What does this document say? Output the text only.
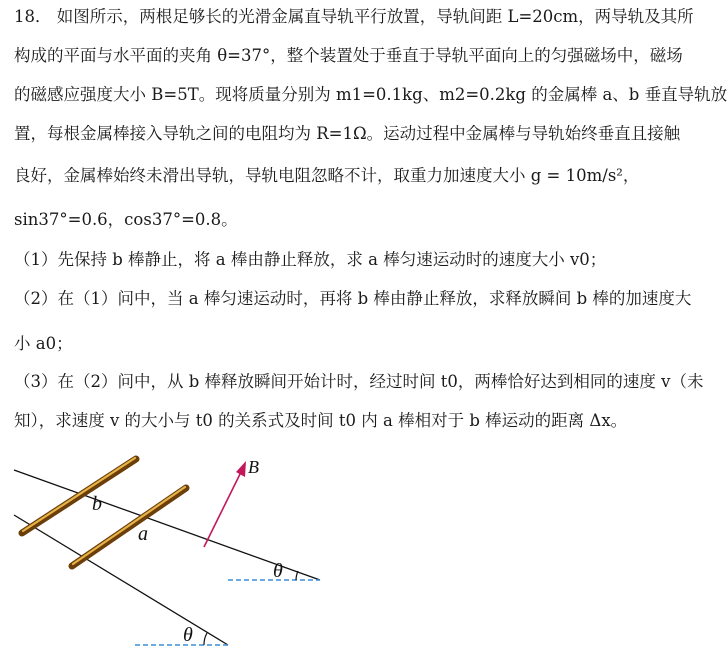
18． 如图所示，两根足够长的光滑金属直导轨平行放置，导轨间距 L=20cm，两导轨及其所
构成的平面与水平面的夹角 θ=37°，整个装置处于垂直于导轨平面向上的匀强磁场中，磁场
的磁感应强度大小 B=5T。现将质量分别为 m1=0.1kg、m2=0.2kg 的金属棒 a、b 垂直导轨放
置，每根金属棒接入导轨之间的电阻均为 R=1Ω。运动过程中金属棒与导轨始终垂直且接触
良好，金属棒始终未滑出导轨，导轨电阻忽略不计，取重力加速度大小 g = 10m/s²，
sin37°=0.6，cos37°=0.8。
（1）先保持 b 棒静止，将 a 棒由静止释放，求 a 棒匀速运动时的速度大小 v0；
（2）在（1）问中，当 a 棒匀速运动时，再将 b 棒由静止释放，求释放瞬间 b 棒的加速度大
小 a0；
（3）在（2）问中，从 b 棒释放瞬间开始计时，经过时间 t0，两棒恰好达到相同的速度 v（未
知），求速度 v 的大小与 t0 的关系式及时间 t0 内 a 棒相对于 b 棒运动的距离 Δx。
b
a
B
θ
θ
